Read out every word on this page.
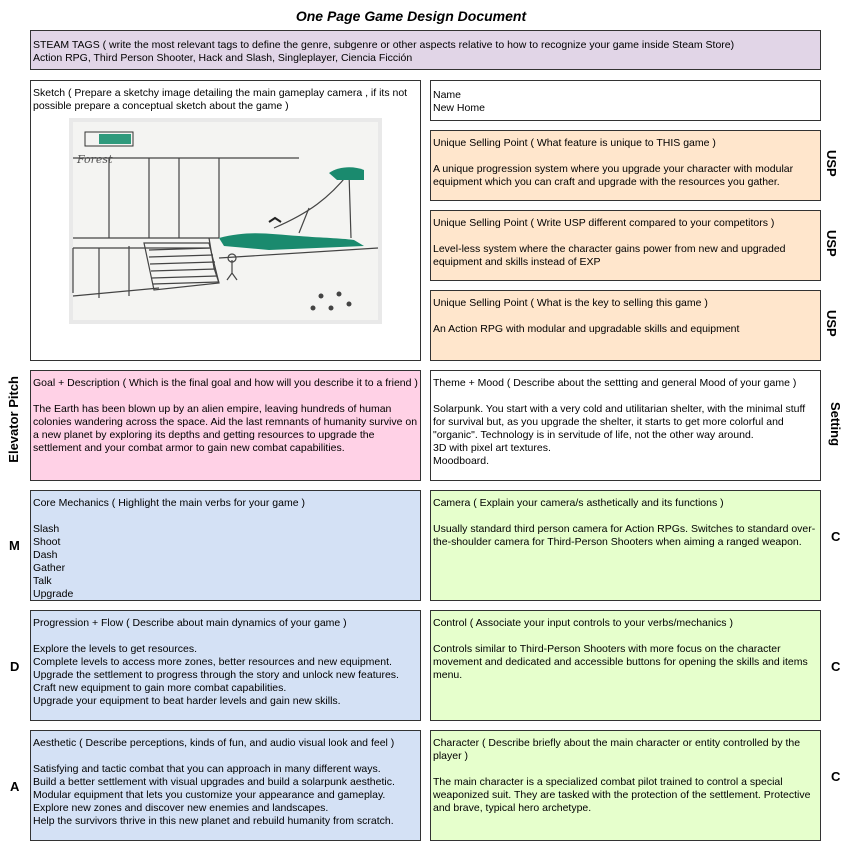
One Page Game Design Document

STEAM TAGS ( write the most relevant tags to define the genre, subgenre or other aspects relative to how to recognize your game inside Steam Store)

Action RPG, Third Person Shooter, Hack and Slash, Singleplayer, Ciencia Ficción

Sketch ( Prepare a sketchy image detailing the main gameplay camera , if its not possible prepare a conceptual sketch about the game )

Forest

Name

New Home

Unique Selling Point ( What feature is unique to THIS game )

A unique progression system where you upgrade your character with modular equipment which you can craft and upgrade with the resources you gather.

USP

Unique Selling Point ( Write USP different compared to your competitors )

Level-less system where the character gains power from new and upgraded equipment and skills instead of EXP

USP

Unique Selling Point ( What is the key to selling this game )

An Action RPG with modular and upgradable skills and equipment	USP
Elevator Pitch Goal + Description ( Which is the final goal and how will you describe it to a friend )

The Earth has been blown up by an alien empire, leaving hundreds of human colonies wandering across the space. Aid the last remnants of humanity survive on a new planet by exploring its depths and getting resources to upgrade the settlement and your combat armor to gain new combat capabilities.

Theme + Mood ( Describe about the settting and general Mood of your game )

Solarpunk. You start with a very cold and utilitarian shelter, with the minimal stuff for survival but, as you upgrade the shelter, it starts to get more colorful and "organic". Technology is in servitude of life, not the other way around.

3D with pixel art textures.

Moodboard.

Setting
M

Core Mechanics ( Highlight the main verbs for your game )

Slash

Shoot

Dash

Gather

Talk

Upgrade

Camera ( Explain your camera/s asthetically and its functions )

Usually standard third person camera for Action RPGs. Switches to standard over-the-shoulder camera for Third-Person Shooters when aiming a ranged weapon.	C
D

Progression + Flow ( Describe about main dynamics of your game )

Explore the levels to get resources.

Complete levels to access more zones, better resources and new equipment.

Upgrade the settlement to progress through the story and unlock new features.

Craft new equipment to gain more combat capabilities.

Upgrade your equipment to beat harder levels and gain new skills.

Control ( Associate your input controls to your verbs/mechanics )

Controls similar to Third-Person Shooters with more focus on the character movement and dedicated and accessible buttons for opening the skills and items menu.

C
A

Aesthetic ( Describe perceptions, kinds of fun, and audio visual look and feel )

Satisfying and tactic combat that you can approach in many different ways.

Build a better settlement with visual upgrades and build a solarpunk aesthetic.

Modular equipment that lets you customize your appearance and gameplay.

Explore new zones and discover new enemies and landscapes.

Help the survivors thrive in this new planet and rebuild humanity from scratch.

Character ( Describe briefly about the main character or entity controlled by the player )

The main character is a specialized combat pilot trained to control a special weaponized suit. They are tasked with the protection of the settlement. Protective and brave, typical hero archetype.

C
